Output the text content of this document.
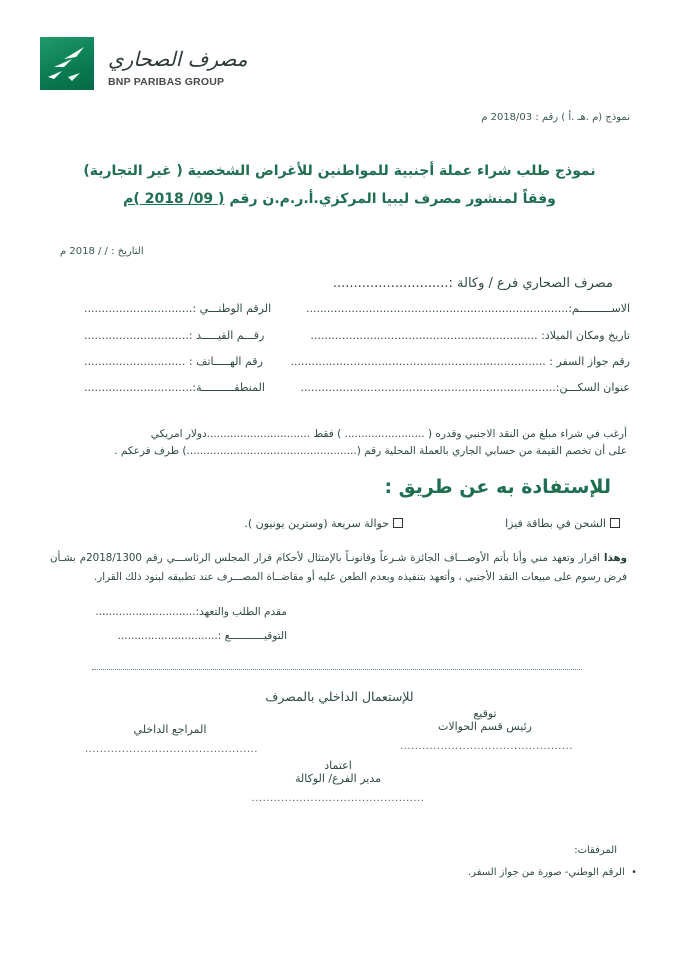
مصرف الصحاري
BNP PARIBAS GROUP
نموذج (م .هـ .أ ) رقم : 2018/03 م
نموذج طلب شراء عملة أجنبية للمواطنين للأغراض الشخصية ( غير التجارية)
وفقاً لمنشور مصرف ليبيا المركزي.أ.ر.م.ن رقم ( 09/ 2018 )م
التاريخ : / / 2018 م
مصرف الصحاري فرع / وكالة :............................
الاســــــــــم:...........................................................................
الرقم الوطنـــي :...............................
تاريخ ومكان الميلاد: .................................................................
رقـــم القيـــــد :..............................
رقم جواز السفر : .........................................................................
رقم الهـــــاتف : .............................
عنوان السكـــن:.........................................................................
المنطقــــــــــة:...............................
أرغب في شراء مبلغ من النقد الاجنبي وقدره ( ........................ ) فقط ...............................دولار امريكي
على أن تخصم القيمة من حسابي الجاري بالعملة المحلية رقم (...................................................) طرف فرعكم .
للإستفادة به عن طريق :
الشحن في بطاقة فيزا
حوالة سريعة (وسترين يونيون ).
وهذا اقرار وتعهد مني وأنا بأتم الأوصـــاف الجائزة شـرعاً وقانونـاً بالإمتثال لأحكام قرار المجلس الرئاســـي رقم 2018/1300م بشـأن فرض رسوم على مبيعات النقد الأجنبي ، وأتعهد بتنفيذه وبعدم الطعن عليه أو مقاضــاة المصـــرف عند تطبيقه لبنود ذلك القرار.
مقدم الطلب والتعهد:..............................
التوقيـــــــــــع :..............................
للإستعمال الداخلي بالمصرف
توقيع
رئيس قسم الحوالات
...............................................
المراجع الداخلي
...............................................
اعتماد
مدير الفرع/ الوكالة
...............................................
المرفقات:
•  الرقم الوطني- صورة من جواز السفر.
